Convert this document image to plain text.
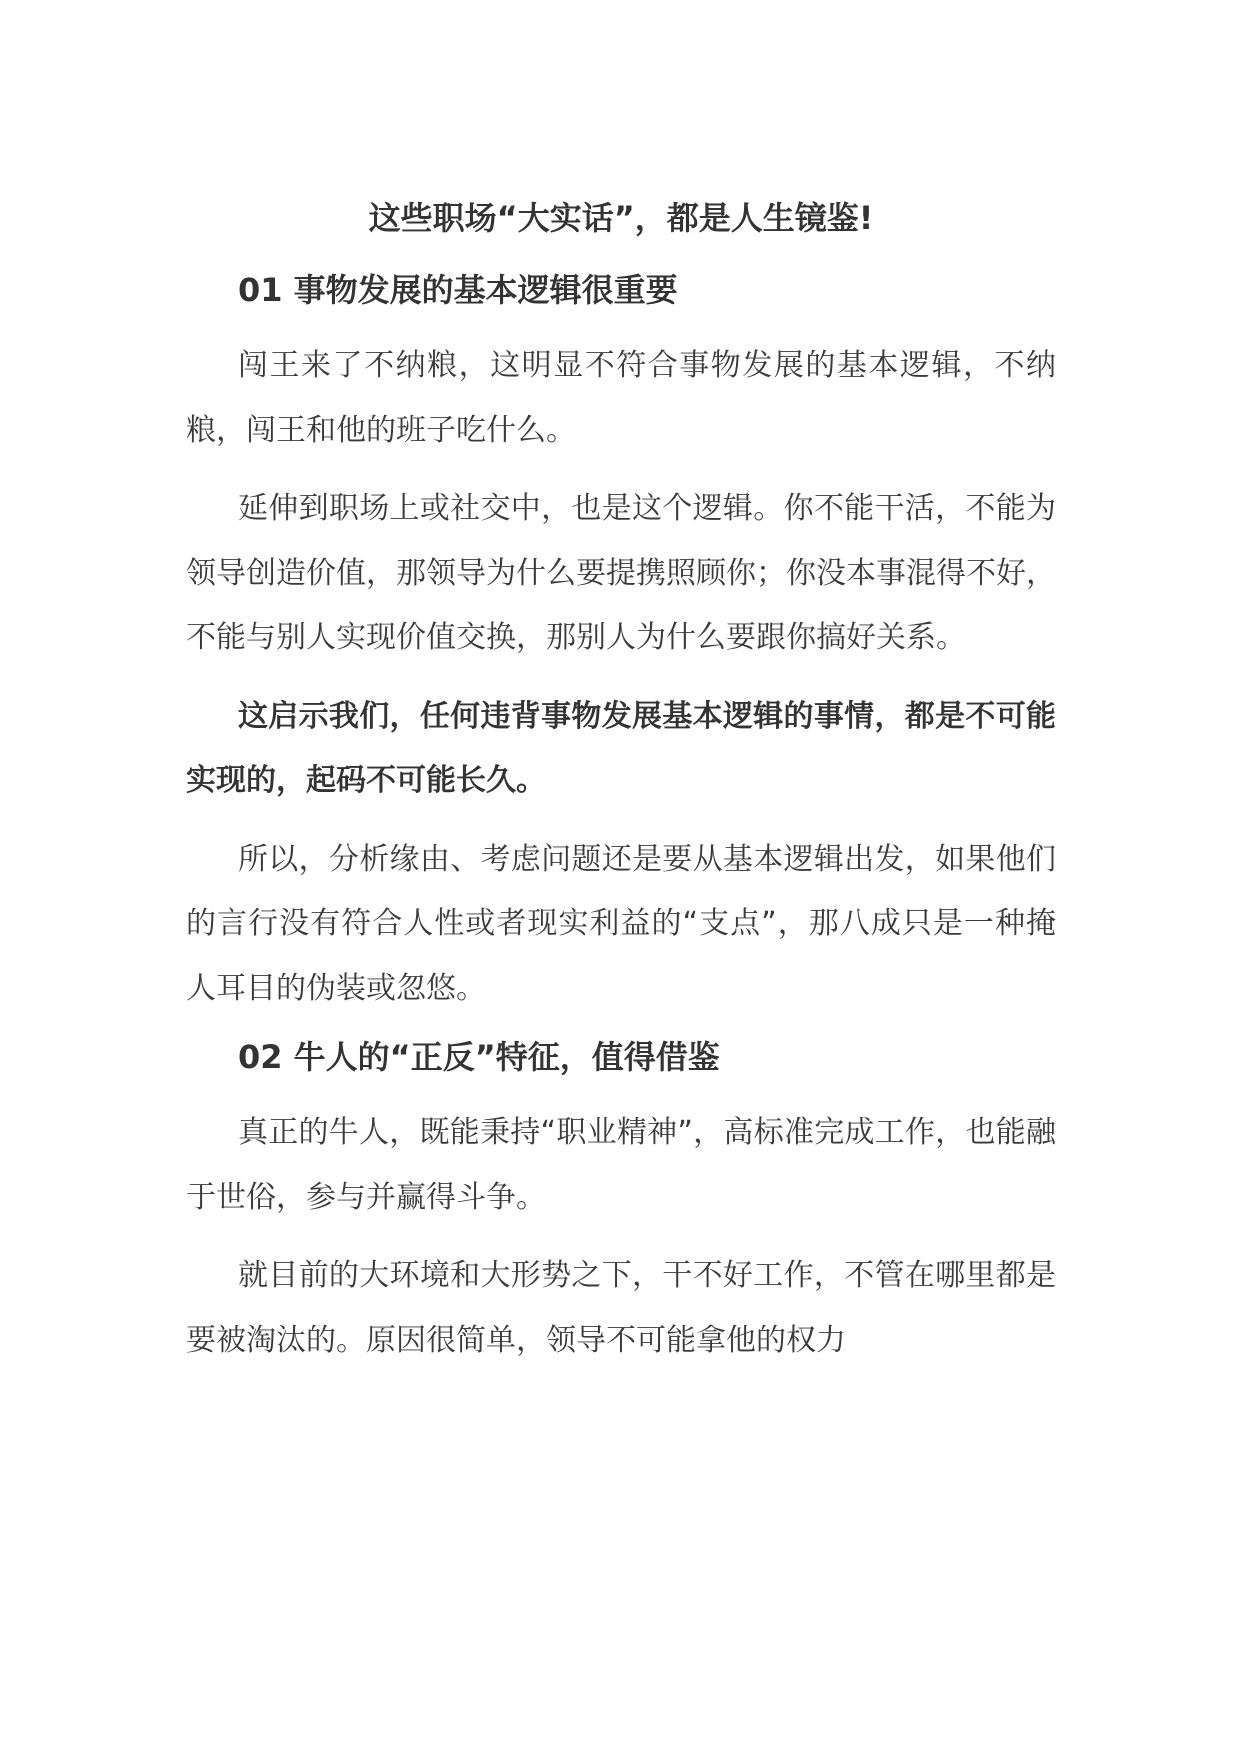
这些职场“大实话”，都是人生镜鉴!
01 事物发展的基本逻辑很重要

闯王来了不纳粮，这明显不符合事物发展的基本逻辑，不纳粮，闯王和他的班子吃什么。

延伸到职场上或社交中，也是这个逻辑。你不能干活，不能为领导创造价值，那领导为什么要提携照顾你；你没本事混得不好，不能与别人实现价值交换，那别人为什么要跟你搞好关系。

这启示我们，任何违背事物发展基本逻辑的事情，都是不可能实现的，起码不可能长久。

所以，分析缘由、考虑问题还是要从基本逻辑出发，如果他们的言行没有符合人性或者现实利益的“支点”，那八成只是一种掩人耳目的伪装或忽悠。

02 牛人的“正反”特征，值得借鉴

真正的牛人，既能秉持“职业精神”，高标准完成工作，也能融于世俗，参与并赢得斗争。

就目前的大环境和大形势之下，干不好工作，不管在哪里都是要被淘汰的。原因很简单，领导不可能拿他的权力
